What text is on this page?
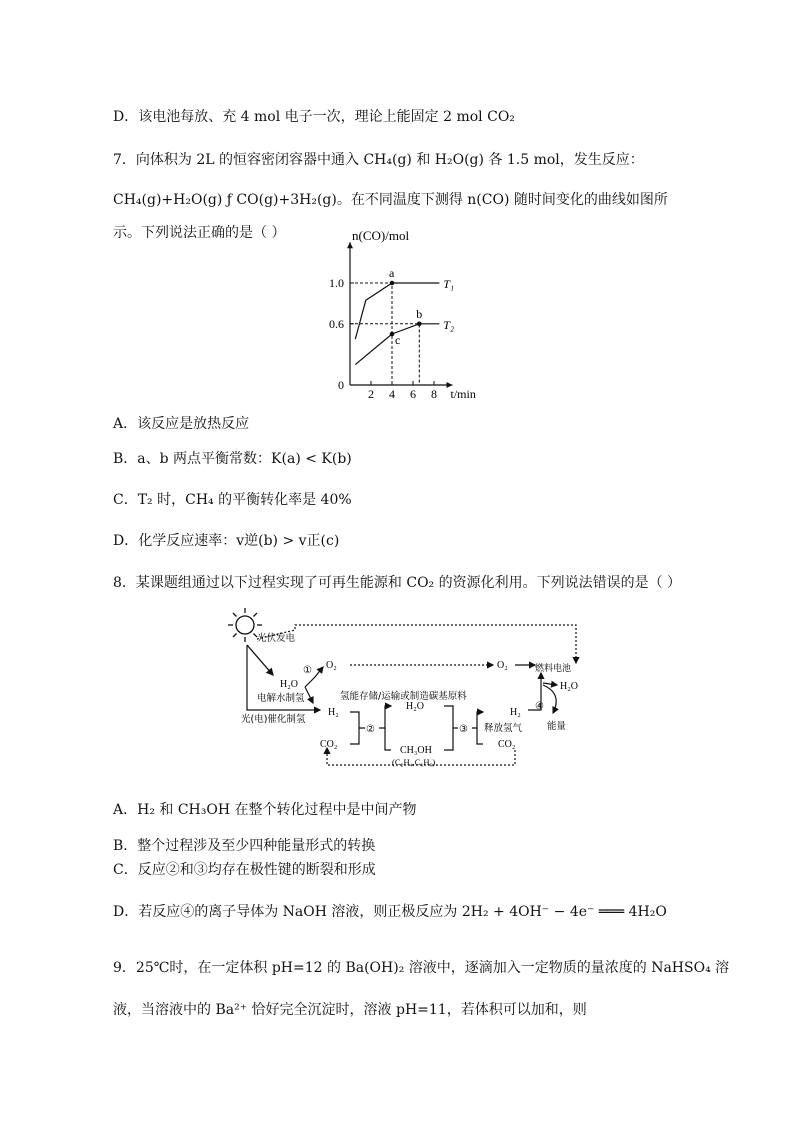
D．该电池每放、充 4 mol 电子一次，理论上能固定 2 mol CO₂
7．向体积为 2L 的恒容密闭容器中通入 CH₄(g) 和 H₂O(g) 各 1.5 mol，发生反应：
CH₄(g)+H₂O(g) ƒ CO(g)+3H₂(g)。在不同温度下测得 n(CO) 随时间变化的曲线如图所
示。下列说法正确的是（ ）	n(CO)/mol
t/min
2 4 6 8
0
0.6
1.0	T₁
T₂
a
b
c
A．该反应是放热反应
B．a、b 两点平衡常数：K(a) < K(b)
C．T₂ 时，CH₄ 的平衡转化率是 40%
D．化学反应速率：v逆(b) > v正(c)
8．某课题组通过以下过程实现了可再生能源和 CO₂ 的资源化利用。下列说法错误的是（ ）
光伏发电
H₂O
① O₂	O₂	燃料电池
H₂O
④
能量
电解水制氢
光(电)催化制氢
H₂
CO₂
②
氢能存储/运输或制造碳基原料
H₂O
CH₃OH
(C₂H₄,C₆H₆)
③ 释放氢气
H₂
CO₂
A．H₂ 和 CH₃OH 在整个转化过程中是中间产物
B．整个过程涉及至少四种能量形式的转换
C．反应②和③均存在极性键的断裂和形成
D．若反应④的离子导体为 NaOH 溶液，则正极反应为 2H₂ + 4OH⁻ − 4e⁻ ═══ 4H₂O
9．25℃时，在一定体积 pH=12 的 Ba(OH)₂ 溶液中，逐滴加入一定物质的量浓度的 NaHSO₄ 溶
液，当溶液中的 Ba²⁺ 恰好完全沉淀时，溶液 pH=11，若体积可以加和，则
